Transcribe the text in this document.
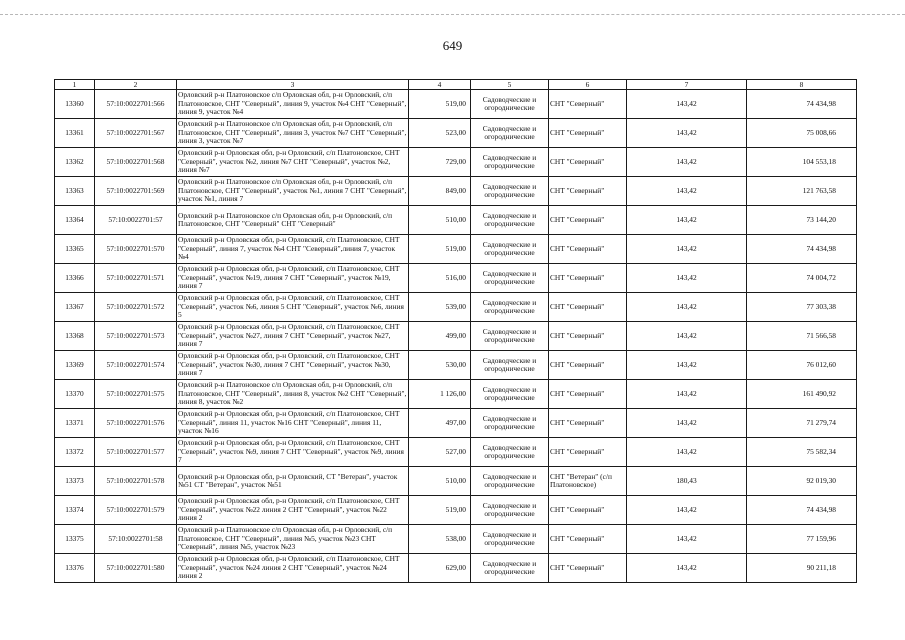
649
1	2	3	4	5	6	7	8
13360	57:10:0022701:566	Орловский р-н Платоновское с/п Орловская обл, р-н Орловский, с/п Платоновское, СНТ "Северный", линия 9, участок №4 СНТ "Северный", линия 9, участок №4	519,00	Садоводческие и огороднические	СНТ "Северный"	143,42	74 434,98
13361	57:10:0022701:567	Орловский р-н Платоновское с/п Орловская обл, р-н Орловский, с/п Платоновское, СНТ "Северный", линия 3, участок №7 СНТ "Северный", линия 3, участок №7	523,00	Садоводческие и огороднические	СНТ "Северный"	143,42	75 008,66
13362	57:10:0022701:568	Орловский р-н Орловская обл, р-н Орловский, с/п Платоновское, СНТ "Северный", участок №2, линия №7 СНТ "Северный", участок №2, линия №7	729,00	Садоводческие и огороднические	СНТ "Северный"	143,42	104 553,18
13363	57:10:0022701:569	Орловский р-н Платоновское с/п Орловская обл, р-н Орловский, с/п Платоновское, СНТ "Северный", участок №1, линия 7 СНТ "Северный", участок №1, линия 7	849,00	Садоводческие и огороднические	СНТ "Северный"	143,42	121 763,58
13364	57:10:0022701:57	Орловский р-н Платоновское с/п Орловская обл, р-н Орловский, с/п Платоновское, СНТ "Северный" СНТ "Северный"	510,00	Садоводческие и огороднические	СНТ "Северный"	143,42	73 144,20
13365	57:10:0022701:570	Орловский р-н Орловская обл, р-н Орловский, с/п Платоновское, СНТ "Северный", линия 7, участок №4 СНТ "Северный",линия 7, участок №4	519,00	Садоводческие и огороднические	СНТ "Северный"	143,42	74 434,98
13366	57:10:0022701:571	Орловский р-н Орловская обл, р-н Орловский, с/п Платоновское, СНТ "Северный", участок №19, линия 7 СНТ "Северный", участок №19, линия 7	516,00	Садоводческие и огороднические	СНТ "Северный"	143,42	74 004,72
13367	57:10:0022701:572	Орловский р-н Орловская обл, р-н Орловский, с/п Платоновское, СНТ "Северный", участок №6, линия 5 СНТ "Северный", участок №6, линия 5	539,00	Садоводческие и огороднические	СНТ "Северный"	143,42	77 303,38
13368	57:10:0022701:573	Орловский р-н Орловская обл, р-н Орловский, с/п Платоновское, СНТ "Северный", участок №27, линия 7 СНТ "Северный", участок №27, линия 7	499,00	Садоводческие и огороднические	СНТ "Северный"	143,42	71 566,58
13369	57:10:0022701:574	Орловский р-н Орловская обл, р-н Орловский, с/п Платоновское, СНТ "Северный", участок №30, линия 7 СНТ "Северный", участок №30, линия 7	530,00	Садоводческие и огороднические	СНТ "Северный"	143,42	76 012,60
13370	57:10:0022701:575	Орловский р-н Платоновское с/п Орловская обл, р-н Орловский, с/п Платоновское, СНТ "Северный", линия 8, участок №2 СНТ "Северный", линия 8, участок №2	1 126,00	Садоводческие и огороднические	СНТ "Северный"	143,42	161 490,92
13371	57:10:0022701:576	Орловский р-н Орловская обл, р-н Орловский, с/п Платоновское, СНТ "Северный", линия 11, участок №16 СНТ "Северный", линия 11, участок №16	497,00	Садоводческие и огороднические	СНТ "Северный"	143,42	71 279,74
13372	57:10:0022701:577	Орловский р-н Орловская обл, р-н Орловский, с/п Платоновское, СНТ "Северный", участок №9, линия 7 СНТ "Северный", участок №9, линия 7	527,00	Садоводческие и огороднические	СНТ "Северный"	143,42	75 582,34
13373	57:10:0022701:578	Орловский р-н Орловская обл, р-н Орловский, СТ "Ветеран", участок №51 СТ "Ветеран", участок №51	510,00	Садоводческие и огороднические	СНТ "Ветеран" (с/п Платоновское)	180,43	92 019,30
13374	57:10:0022701:579	Орловский р-н Орловская обл, р-н Орловский, с/п Платоновское, СНТ "Северный", участок №22 линия 2 СНТ "Северный", участок №22 линия 2	519,00	Садоводческие и огороднические	СНТ "Северный"	143,42	74 434,98
13375	57:10:0022701:58	Орловский р-н Платоновское с/п Орловская обл, р-н Орловский, с/п Платоновское, СНТ "Северный", линия №5, участок №23 СНТ "Северный", линия №5, участок №23	538,00	Садоводческие и огороднические	СНТ "Северный"	143,42	77 159,96
13376	57:10:0022701:580	Орловский р-н Орловская обл, р-н Орловский, с/п Платоновское, СНТ "Северный", участок №24 линия 2 СНТ "Северный", участок №24 линия 2	629,00	Садоводческие и огороднические	СНТ "Северный"	143,42	90 211,18
